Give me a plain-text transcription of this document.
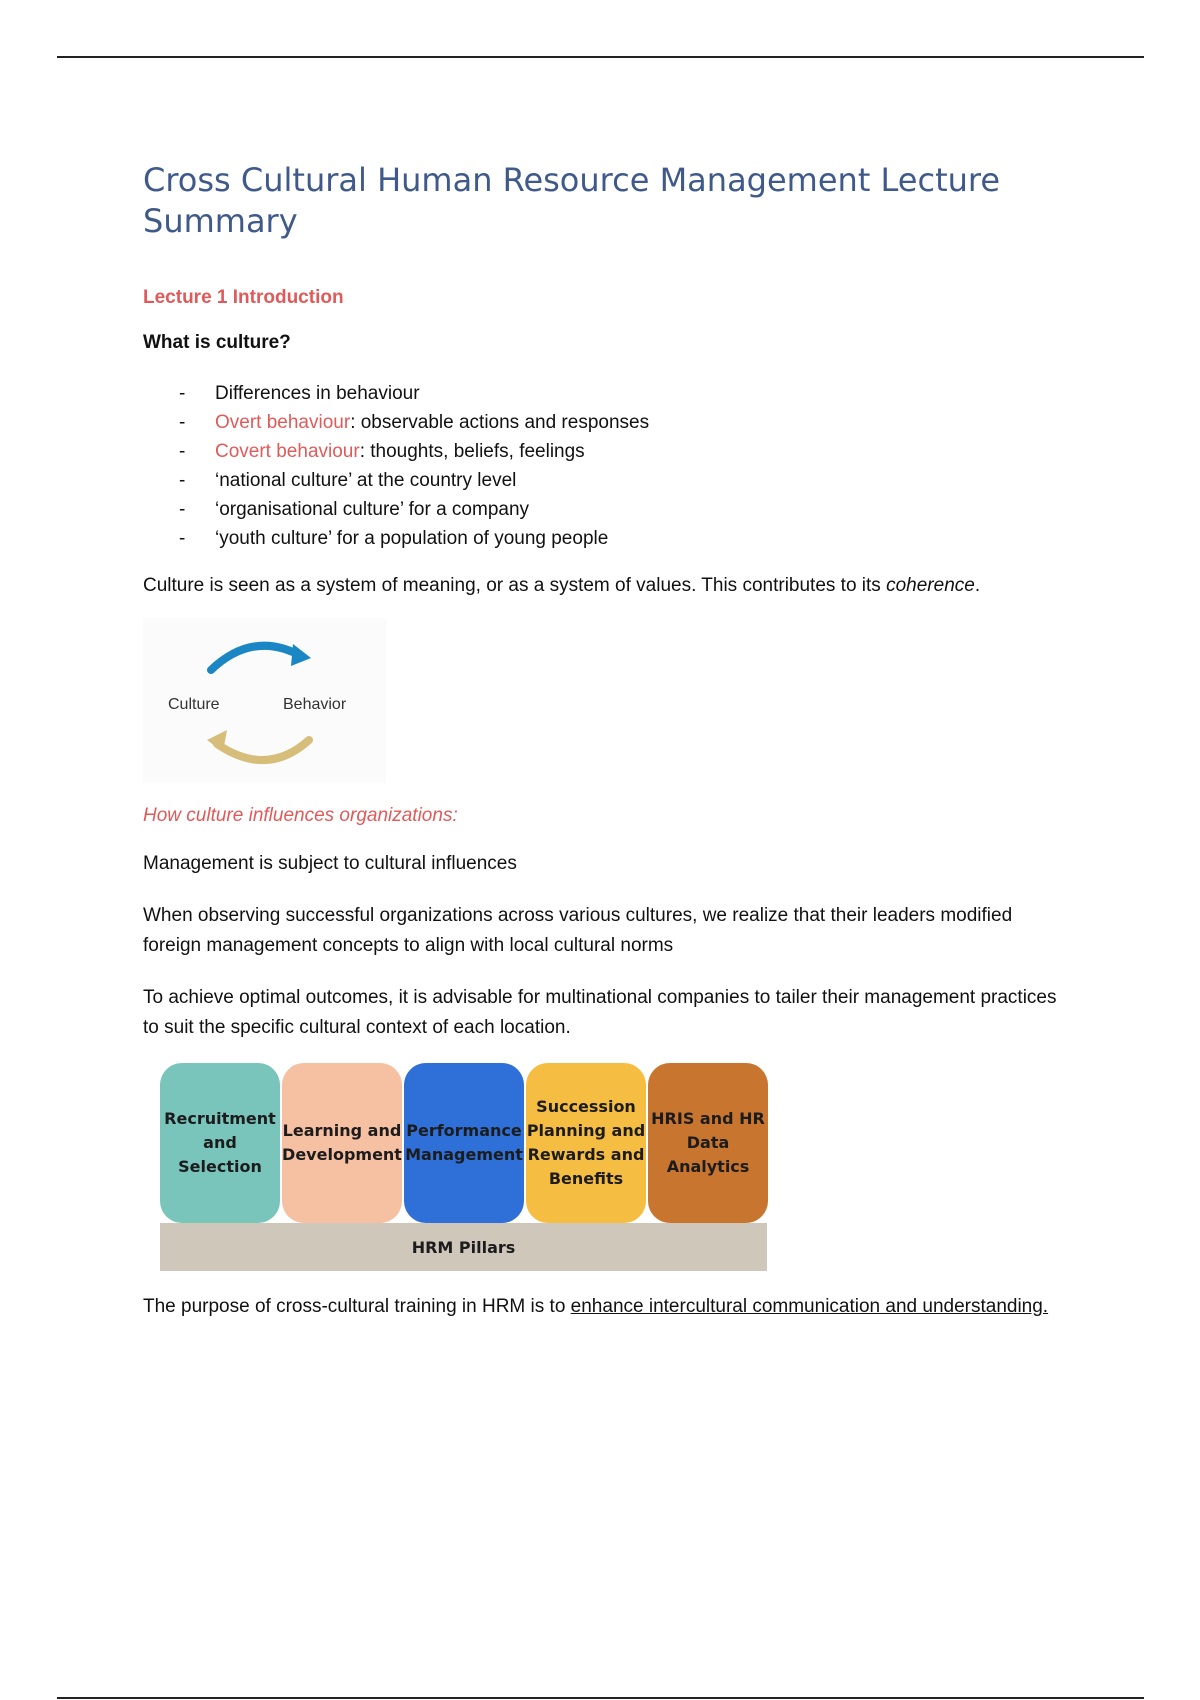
Cross Cultural Human Resource Management Lecture Summary
Lecture 1 Introduction
What is culture?
- Differences in behaviour
- Overt behaviour: observable actions and responses
- Covert behaviour: thoughts, beliefs, feelings
- ‘national culture’ at the country level
- ‘organisational culture’ for a company
- ‘youth culture’ for a population of young people

Culture is seen as a system of meaning, or as a system of values. This contributes to its coherence.

Culture	Behavior
How culture influences organizations:

Management is subject to cultural influences

When observing successful organizations across various cultures, we realize that their leaders modified foreign management concepts to align with local cultural norms

To achieve optimal outcomes, it is advisable for multinational companies to tailer their management practices to suit the specific cultural context of each location.

Recruitment and Selection
Learning and Development
Performance Management
Succession Planning and Rewards and Benefits
HRIS and HR Data Analytics
HRM Pillars

The purpose of cross-cultural training in HRM is to enhance intercultural communication and understanding.
